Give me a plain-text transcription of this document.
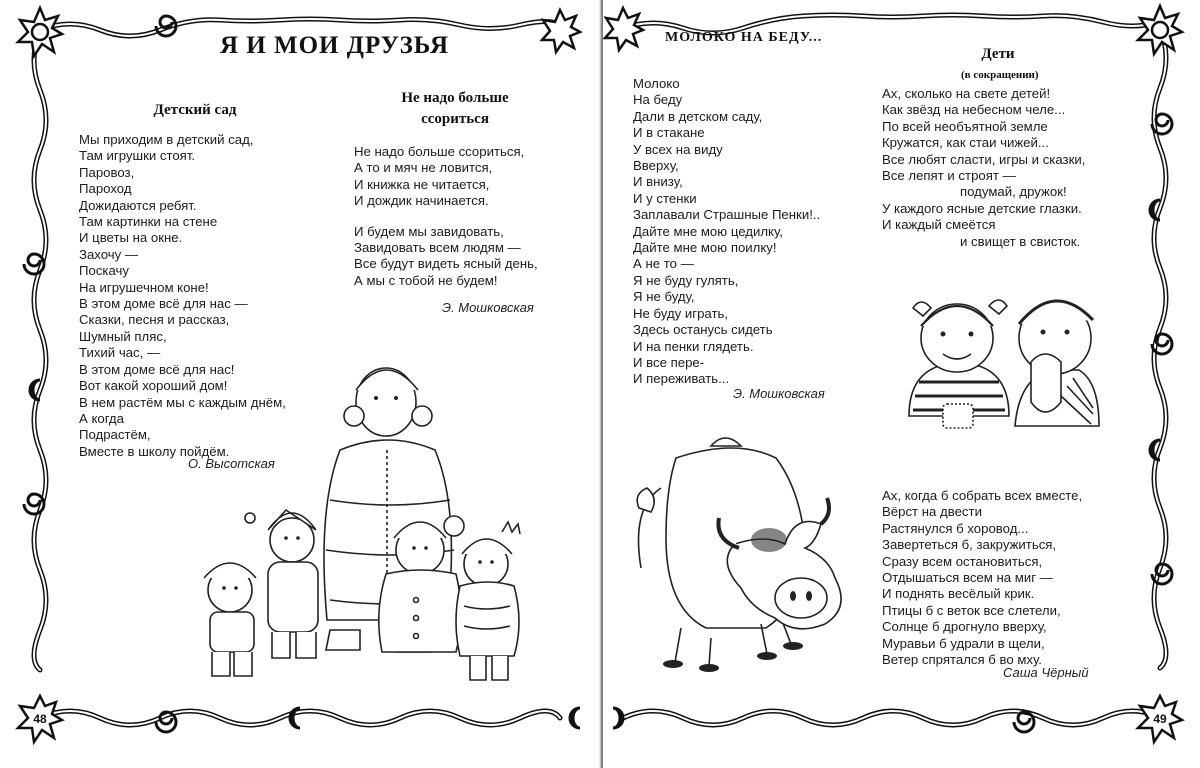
Я И МОИ ДРУЗЬЯ
Детский сад
Мы приходим в детский сад,
Там игрушки стоят.
Паровоз,
Пароход
Дожидаются ребят.
Там картинки на стене
И цветы на окне.
Захочу —
Поскачу
На игрушечном коне!
В этом доме всё для нас —
Сказки, песня и рассказ,
Шумный пляс,
Тихий час, —
В этом доме всё для нас!
Вот какой хороший дом!
В нем растём мы с каждым днём,
А когда
Подрастём,
Вместе в школу пойдём.
О. Высотская
Не надо больше
ссориться
Не надо больше ссориться,
А то и мяч не ловится,
И книжка не читается,
И дождик начинается.
И будем мы завидовать,
Завидовать всем людям —
Все будут видеть ясный день,
А мы с тобой не будем!
Э. Мошковская
48
МОЛОКО НА БЕДУ...
Молоко
На беду
Дали в детском саду,
И в стакане
У всех на виду
Вверху,
И внизу,
И у стенки
Заплавали Страшные Пенки!..
Дайте мне мою цедилку,
Дайте мне мою поилку!
А не то —
Я не буду гулять,
Я не буду,
Не буду играть,
Здесь останусь сидеть
И на пенки глядеть.
И все пере-
И переживать...
Э. Мошковская
Дети
(в сокращении)
Ах, сколько на свете детей!
Как звёзд на небесном челе...
По всей необъятной земле
Кружатся, как стаи чижей...
Все любят сласти, игры и сказки,
Все лепят и строят —
подумай, дружок!
У каждого ясные детские глазки.
И каждый смеётся
и свищет в свисток.
Ах, когда б собрать всех вместе,
Вёрст на двести
Растянулся б хоровод...
Завертеться б, закружиться,
Сразу всем остановиться,
Отдышаться всем на миг —
И поднять весёлый крик.
Птицы б с веток все слетели,
Солнце б дрогнуло вверху,
Муравьи б удрали в щели,
Ветер спрятался б во мху.
Саша Чёрный
49
